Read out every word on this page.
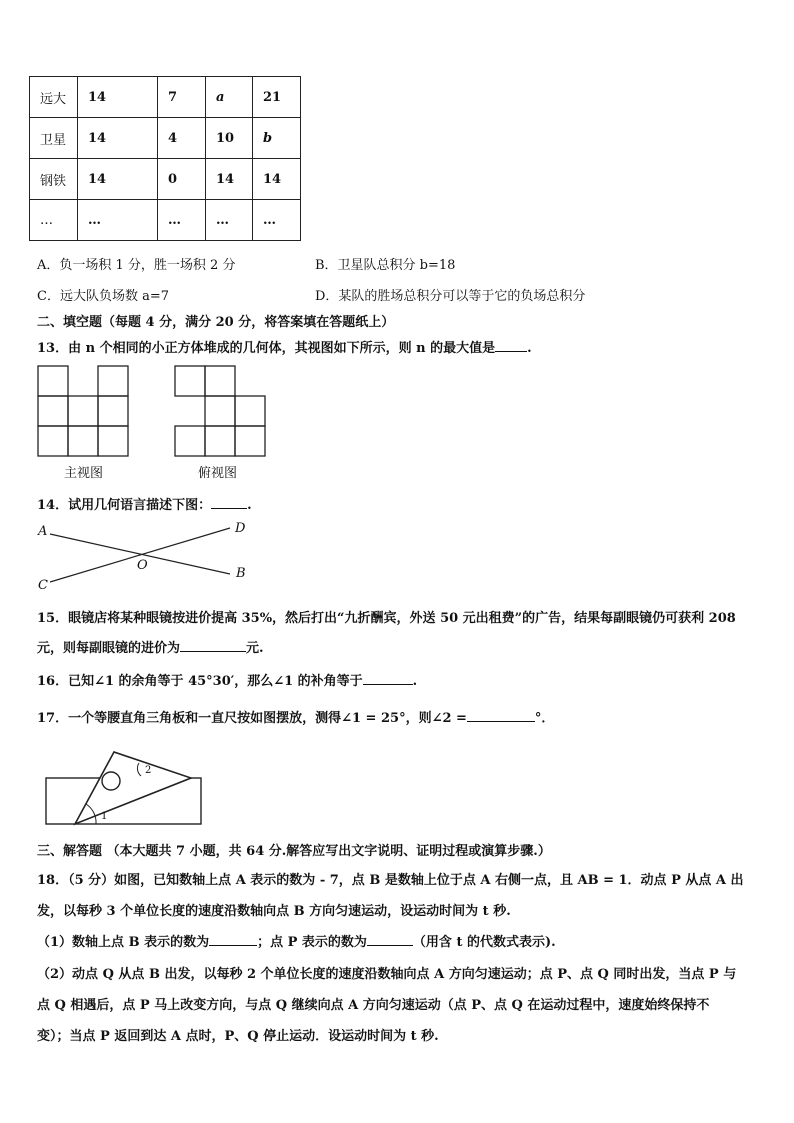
远大	14	7	a	21
卫星	14	4	10	b
钢铁	14	0	14	14
…	…	…	…	…
A．负一场积 1 分，胜一场积 2 分	B．卫星队总积分 b=18
C．远大队负场数 a=7	D．某队的胜场总积分可以等于它的负场总积分
二、填空题（每题 4 分，满分 20 分，将答案填在答题纸上）
13．由 n 个相同的小正方体堆成的几何体，其视图如下所示，则 n 的最大值是 .
主视图	俯视图
14．试用几何语言描述下图：	.
A	D
O
C
B
15．眼镜店将某种眼镜按进价提高 35%，然后打出“九折酬宾，外送 50 元出租费”的广告，结果每副眼镜仍可获利 208
元，则每副眼镜的进价为	元.
16．已知∠1 的余角等于 45°30′，那么∠1 的补角等于	.
17．一个等腰直角三角板和一直尺按如图摆放，测得∠1 = 25°，则∠2 =	°．
1
2
三、解答题 （本大题共 7 小题，共 64 分.解答应写出文字说明、证明过程或演算步骤.）
18．（5 分）如图，已知数轴上点 A 表示的数为 - 7，点 B 是数轴上位于点 A 右侧一点，且 AB = 1．动点 P 从点 A 出
发，以每秒 3 个单位长度的速度沿数轴向点 B 方向匀速运动，设运动时间为 t 秒.
（1）数轴上点 B 表示的数为	；点 P 表示的数为	（用含 t 的代数式表示).
（2）动点 Q 从点 B 出发，以每秒 2 个单位长度的速度沿数轴向点 A 方向匀速运动；点 P、点 Q 同时出发，当点 P 与
点 Q 相遇后，点 P 马上改变方向，与点 Q 继续向点 A 方向匀速运动（点 P、点 Q 在运动过程中，速度始终保持不
变）；当点 P 返回到达 A 点时，P、Q 停止运动．设运动时间为 t 秒.
